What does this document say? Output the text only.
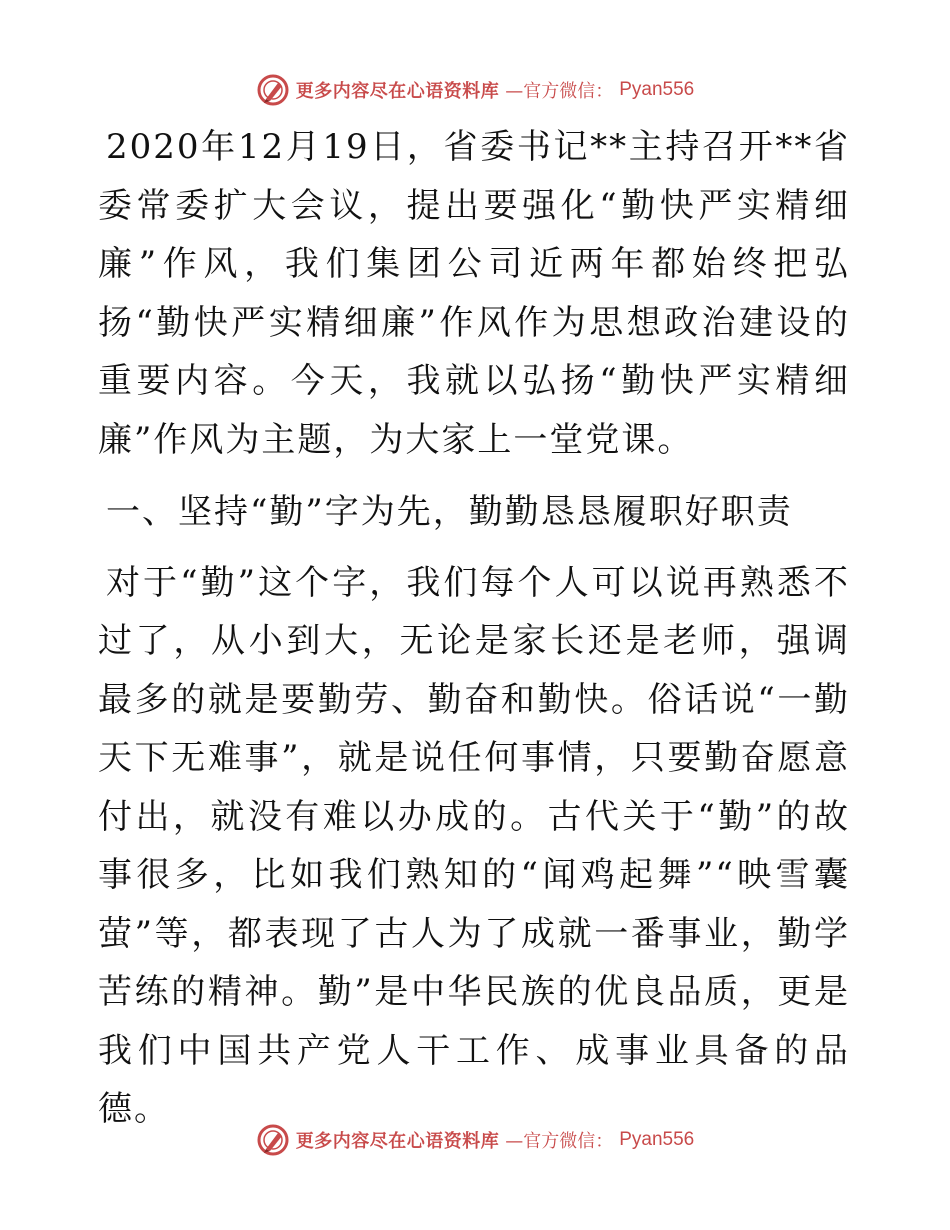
更多内容尽在心语资料库 —官方微信： Pyan556

2020年12月19日，省委书记**主持召开**省委常委扩大会议，提出要强化“勤快严实精细廉”作风，我们集团公司近两年都始终把弘扬“勤快严实精细廉”作风作为思想政治建设的重要内容。今天，我就以弘扬“勤快严实精细廉”作风为主题，为大家上一堂党课。

一、坚持“勤”字为先，勤勤恳恳履职好职责

对于“勤”这个字，我们每个人可以说再熟悉不过了，从小到大，无论是家长还是老师，强调最多的就是要勤劳、勤奋和勤快。俗话说“一勤天下无难事”，就是说任何事情，只要勤奋愿意付出，就没有难以办成的。古代关于“勤”的故事很多，比如我们熟知的“闻鸡起舞”“映雪囊萤”等，都表现了古人为了成就一番事业，勤学苦练的精神。勤”是中华民族的优良品质，更是我们中国共产党人干工作、成事业具备的品德。

更多内容尽在心语资料库 —官方微信： Pyan556
